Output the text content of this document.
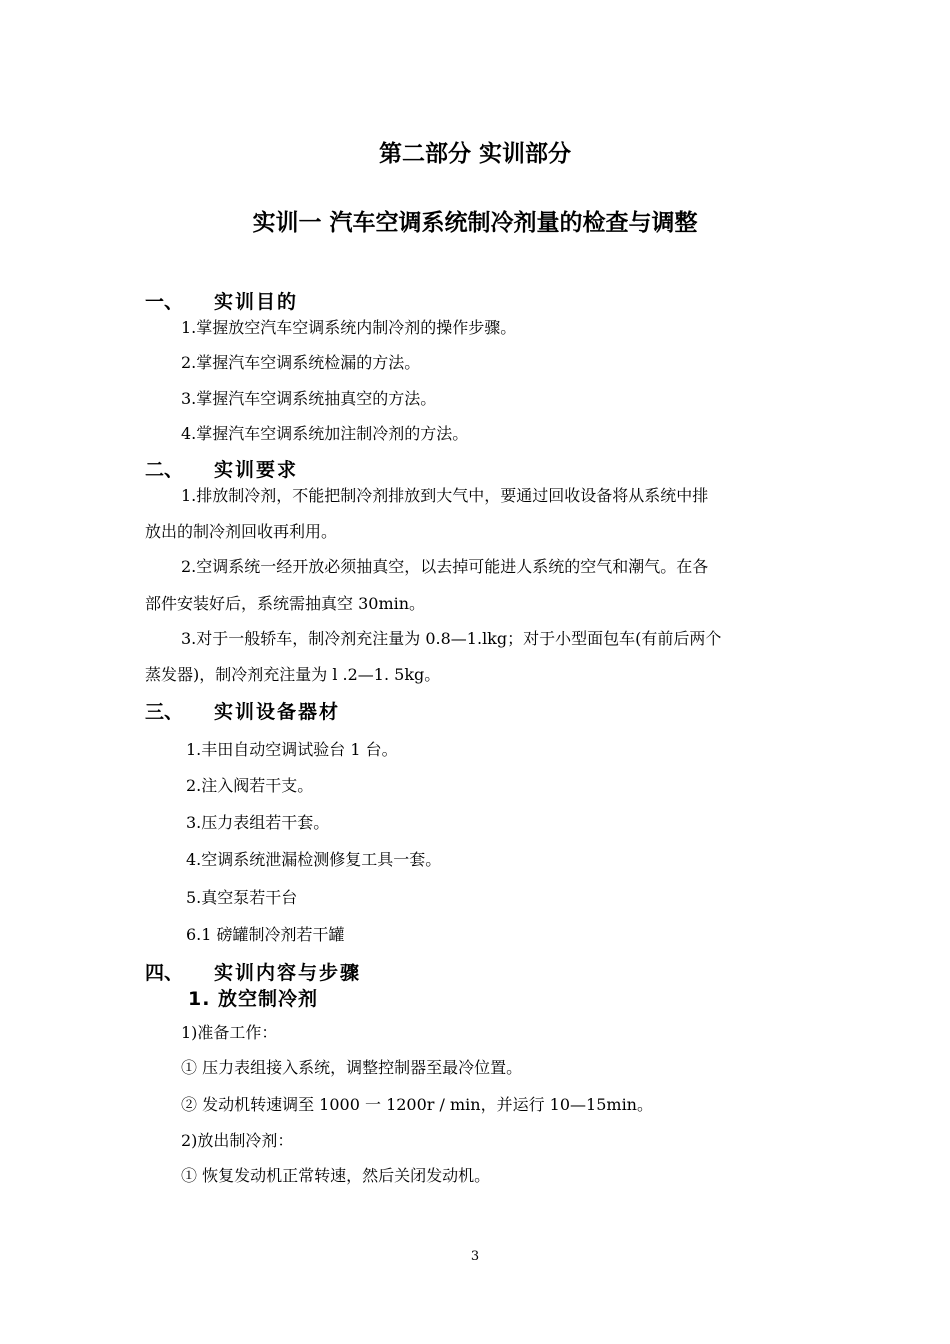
第二部分 实训部分
实训一 汽车空调系统制冷剂量的检查与调整
一、 实训目的
1.掌握放空汽车空调系统内制冷剂的操作步骤。
2.掌握汽车空调系统检漏的方法。
3.掌握汽车空调系统抽真空的方法。
4.掌握汽车空调系统加注制冷剂的方法。
二、 实训要求
1.排放制冷剂，不能把制冷剂排放到大气中，要通过回收设备将从系统中排
放出的制冷剂回收再利用。
2.空调系统一经开放必须抽真空，以去掉可能进人系统的空气和潮气。在各
部件安装好后，系统需抽真空 30min。
3.对于一般轿车，制冷剂充注量为 0.8—1.lkg；对于小型面包车(有前后两个
蒸发器)，制冷剂充注量为 l .2—1. 5kg。
三、 实训设备器材
1.丰田自动空调试验台 1 台。
2.注入阀若干支。
3.压力表组若干套。
4.空调系统泄漏检测修复工具一套。
5.真空泵若干台
6.1 磅罐制冷剂若干罐
四、 实训内容与步骤
1. 放空制冷剂
1)准备工作：
① 压力表组接入系统，调整控制器至最冷位置。
② 发动机转速调至 1000 一 1200r / min，并运行 10—15min。
2)放出制冷剂：
① 恢复发动机正常转速，然后关闭发动机。
3
